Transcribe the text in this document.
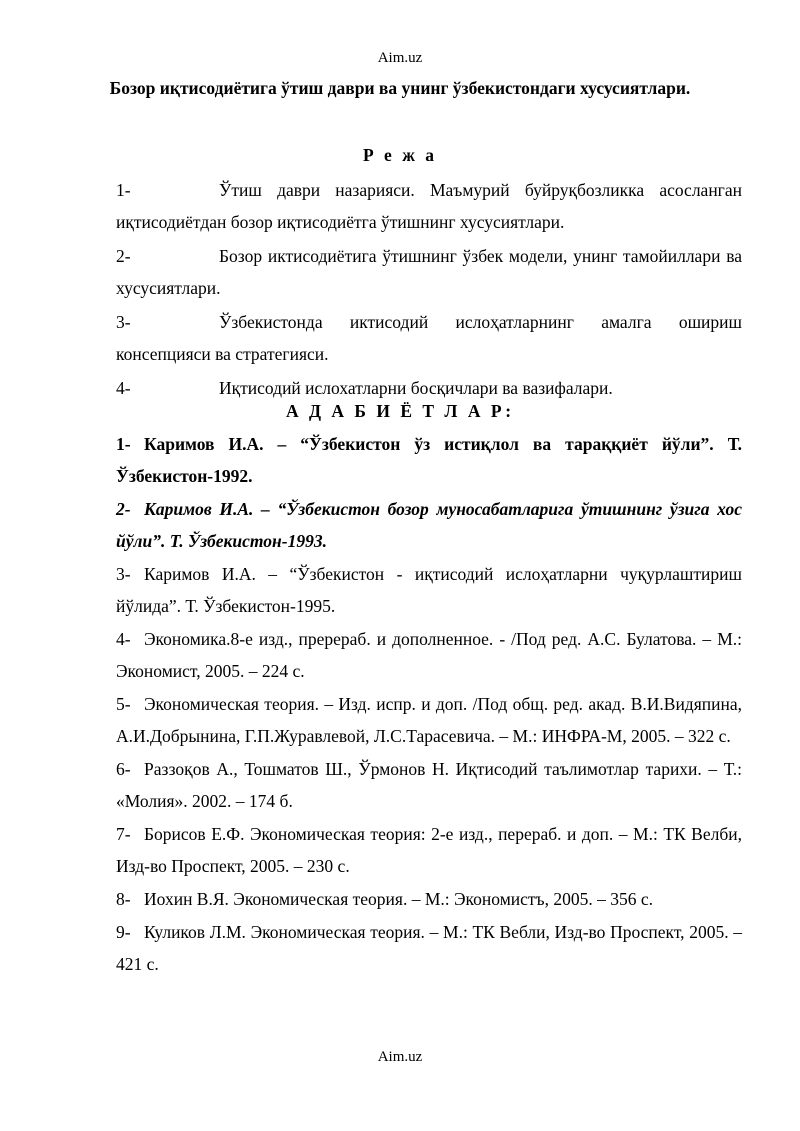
Aim.uz
Бозор иқтисодиётига ўтиш даври ва унинг ўзбекистондаги хусусиятлари.
Р е ж а
1-	Ўтиш даври назарияси. Маъмурий буйруқбозликка асосланган иқтисодиётдан бозор иқтисодиётга ўтишнинг хусусиятлари.
2-	Бозор иктисодиётига ўтишнинг ўзбек модели, унинг тамойиллари ва хусусиятлари.
3-	Ўзбекистонда иктисодий ислоҳатларнинг амалга ошириш консепцияси ва стратегияси.
4-	Иқтисодий ислохатларни босқичлари ва вазифалари.
А Д А Б И Ё Т Л А Р:
1- Каримов И.А. – “Ўзбекистон ўз истиқлол ва тараққиёт йўли”. Т. Ўзбекистон-1992.
2- Каримов И.А. – “Ўзбекистон бозор муносабатларига ўтишнинг ўзига хос йўли”. Т. Ўзбекистон-1993.
3- Каримов И.А. – “Ўзбекистон - иқтисодий ислоҳатларни чуқурлаштириш йўлида”. Т. Ўзбекистон-1995.
4- Экономика.8-е изд., пререраб. и дополненное. - /Под ред. А.С. Булатова. – М.: Экономист, 2005. – 224 с.
5- Экономическая теория. – Изд. испр. и доп. /Под общ. ред. акад. В.И.Видяпина, А.И.Добрынина, Г.П.Журавлевой, Л.С.Тарасевича. – М.: ИНФРА-М, 2005. – 322 с.
6- Раззоқов А., Тошматов Ш., Ўрмонов Н. Иқтисодий таълимотлар тарихи. – Т.: «Молия». 2002. – 174 б.
7- Борисов Е.Ф. Экономическая теория: 2-е изд., перераб. и доп. – М.: ТК Велби, Изд-во Проспект, 2005. – 230 с.
8- Иохин В.Я. Экономическая теория. – М.: Экономистъ, 2005. – 356 с.
9- Куликов Л.М. Экономическая теория. – М.: ТК Вебли, Изд-во Проспект, 2005. – 421 с.
Aim.uz
